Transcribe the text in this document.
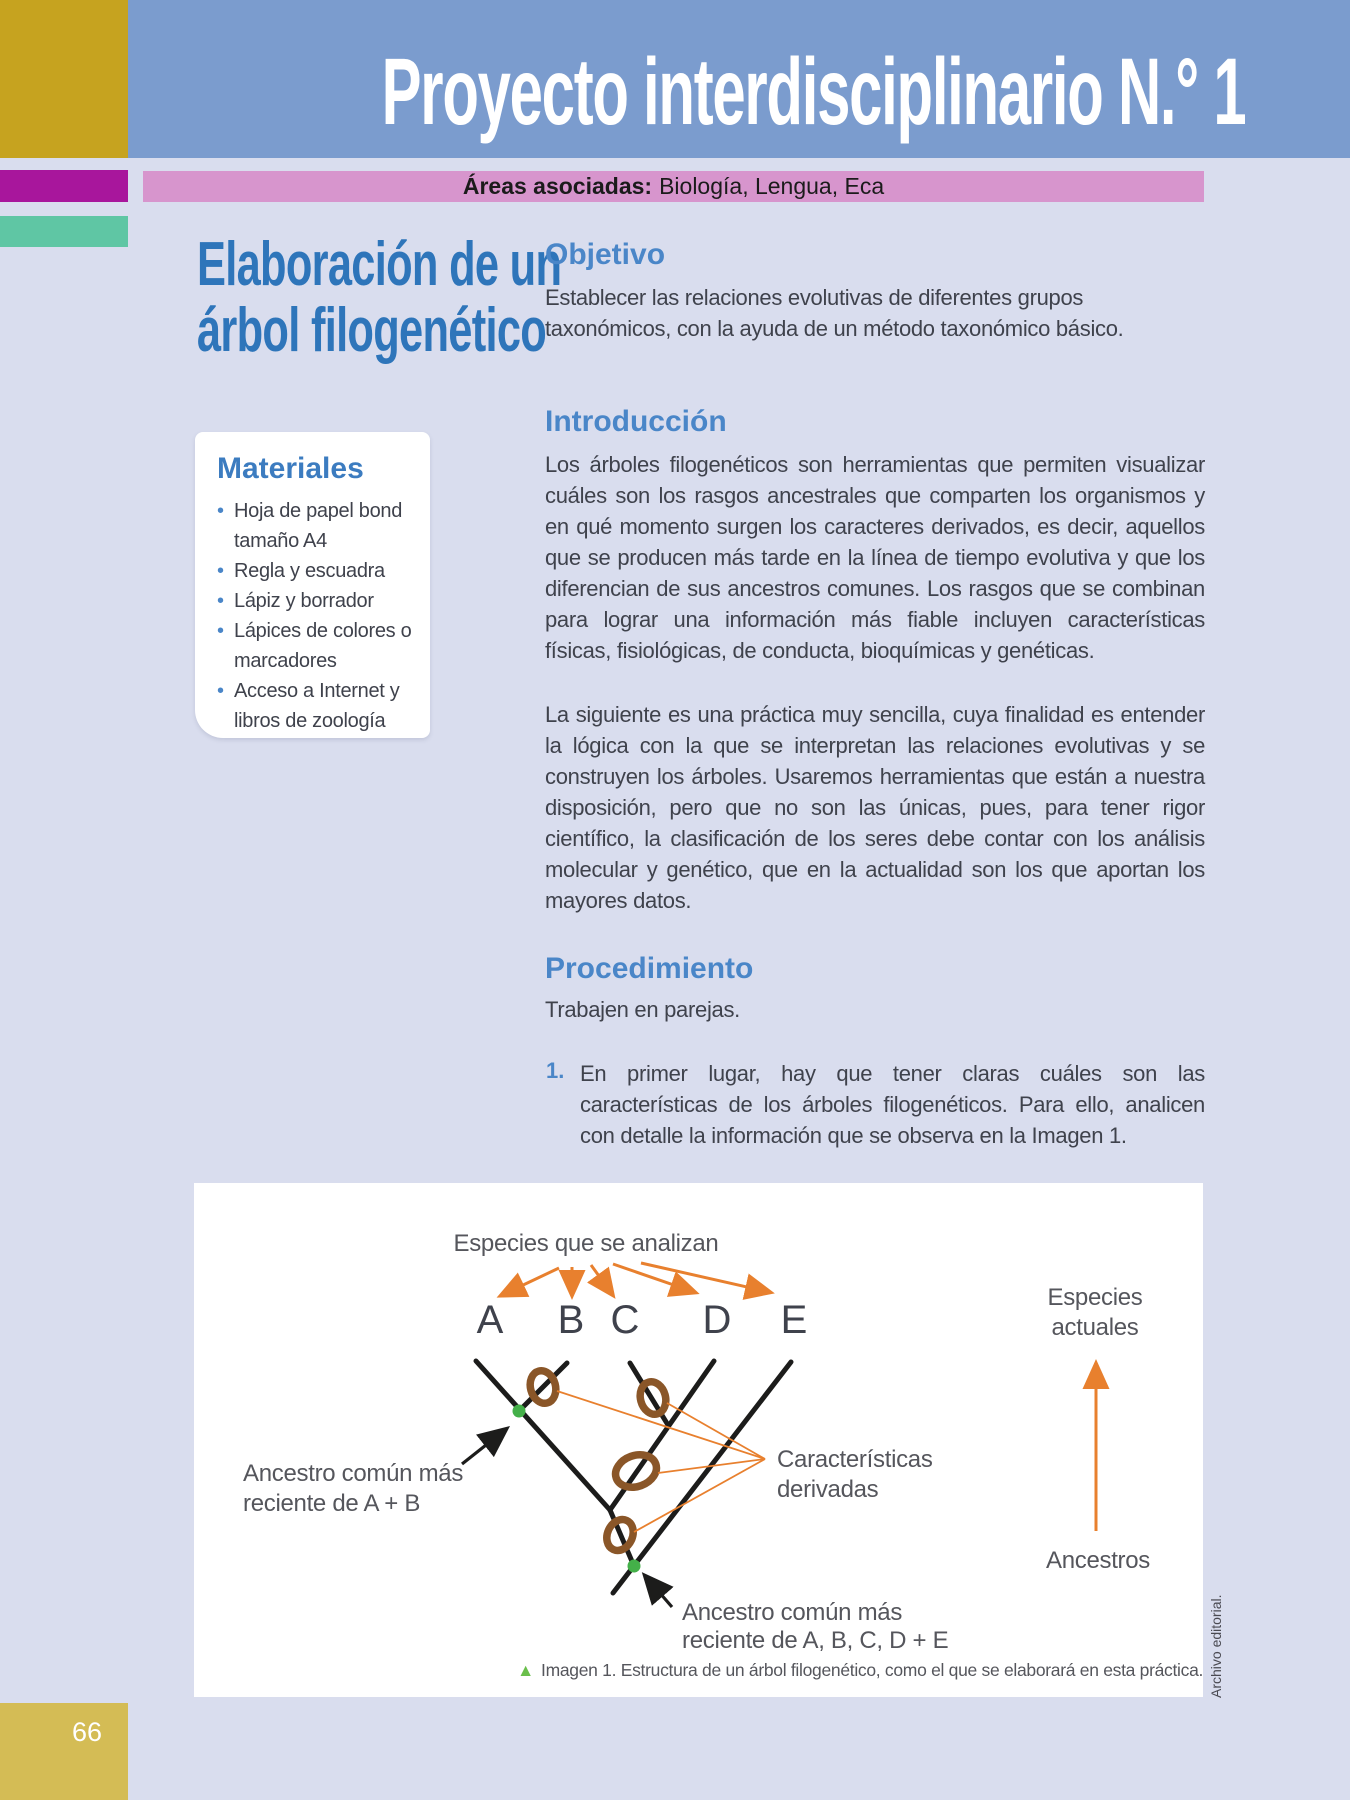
Proyecto interdisciplinario N.° 1
Áreas asociadas: Biología, Lengua, Eca
Elaboración de un
árbol filogenético
Materiales
• Hoja de papel bond tamaño A4
• Regla y escuadra
• Lápiz y borrador
• Lápices de colores o marcadores
• Acceso a Internet y libros de zoología
Objetivo
Establecer las relaciones evolutivas de diferentes grupos taxonómicos, con la ayuda de un método taxonómico básico.
Introducción
Los árboles filogenéticos son herramientas que permiten visualizar cuáles son los rasgos ancestrales que comparten los organismos y en qué momento surgen los caracteres derivados, es decir, aquellos que se producen más tarde en la línea de tiempo evolutiva y que los diferencian de sus ancestros comunes. Los rasgos que se combinan para lograr una información más fiable incluyen características físicas, fisiológicas, de conducta, bioquímicas y genéticas.
La siguiente es una práctica muy sencilla, cuya finalidad es entender la lógica con la que se interpretan las relaciones evolutivas y se construyen los árboles. Usaremos herramientas que están a nuestra disposición, pero que no son las únicas, pues, para tener rigor científico, la clasificación de los seres debe contar con los análisis molecular y genético, que en la actualidad son los que aportan los mayores datos.
Procedimiento
Trabajen en parejas.
1. En primer lugar, hay que tener claras cuáles son las características de los árboles filogenéticos. Para ello, analicen con detalle la información que se observa en la Imagen 1.
Especies que se analizan
A B C D E
Ancestro común más
reciente de A + B
Características
derivadas
Ancestro común más
reciente de A, B, C, D + E
Especies
actuales
Ancestros
▲ Imagen 1. Estructura de un árbol filogenético, como el que se elaborará en esta práctica. Archivo editorial.
66
